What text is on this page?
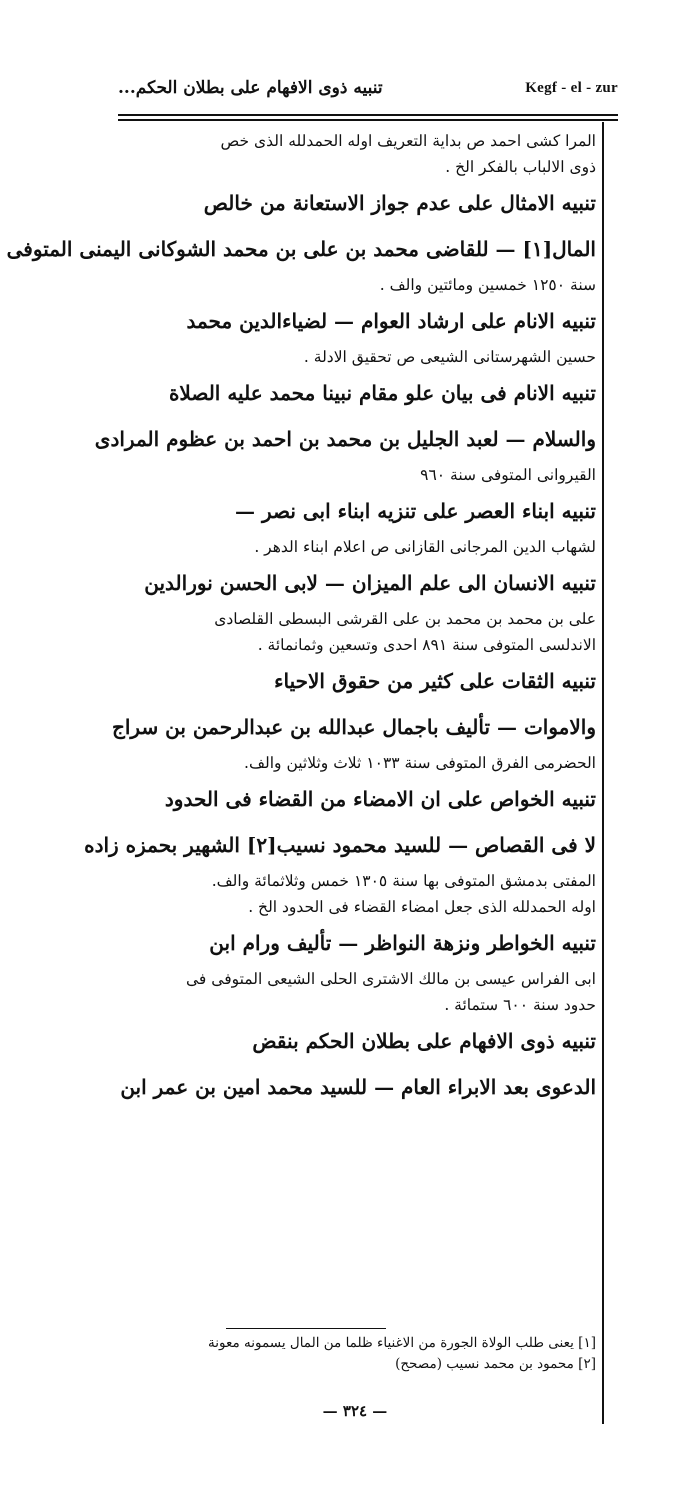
تنبيه ذوى الافهام على بطلان الحكم...	Kegf - el - zur
المرا كشى احمد ص بداية التعريف اوله الحمدلله الذى خص
ذوى الالباب بالفكر الخ .
تنبيه الامثال على عدم جواز الاستعانة من خالص
المال[١] — للقاضى محمد بن على بن محمد الشوكانى اليمنى المتوفى
سنة ١٢٥٠ خمسين ومائتين والف .
تنبيه الانام على ارشاد العوام — لضياءالدين محمد
حسين الشهرستانى الشيعى ص تحقيق الادلة .
تنبيه الانام فى بيان علو مقام نبينا محمد عليه الصلاة
والسلام — لعبد الجليل بن محمد بن احمد بن عظوم المرادى
القيروانى المتوفى سنة ٩٦٠
تنبيه ابناء العصر على تنزيه ابناء ابى نصر —
لشهاب الدين المرجانى القازانى ص اعلام ابناء الدهر .
تنبيه الانسان الى علم الميزان — لابى الحسن نورالدين
على بن محمد بن محمد بن على القرشى البسطى القلصادى
الاندلسى المتوفى سنة ٨٩١ احدى وتسعين وثمانمائة .
تنبيه الثقات على كثير من حقوق الاحياء
والاموات — تأليف باجمال عبدالله بن عبدالرحمن بن سراج
الحضرمى الفرق المتوفى سنة ١٠٣٣ ثلاث وثلاثين والف.
تنبيه الخواص على ان الامضاء من القضاء فى الحدود
لا فى القصاص — للسيد محمود نسيب[٢] الشهير بحمزه زاده
المفتى بدمشق المتوفى بها سنة ١٣٠٥ خمس وثلاثمائة والف.
اوله الحمدلله الذى جعل امضاء القضاء فى الحدود الخ .
تنبيه الخواطر ونزهة النواظر — تأليف ورام ابن
ابى الفراس عيسى بن مالك الاشترى الحلى الشيعى المتوفى فى
حدود سنة ٦٠٠ ستمائة .
تنبيه ذوى الافهام على بطلان الحكم بنقض
الدعوى بعد الابراء العام — للسيد محمد امين بن عمر ابن
[١] يعنى طلب الولاة الجورة من الاغنياء ظلما من المال يسمونه معونة
[٢] محمود بن محمد نسيب (مصحح)
— ٣٢٤ —
